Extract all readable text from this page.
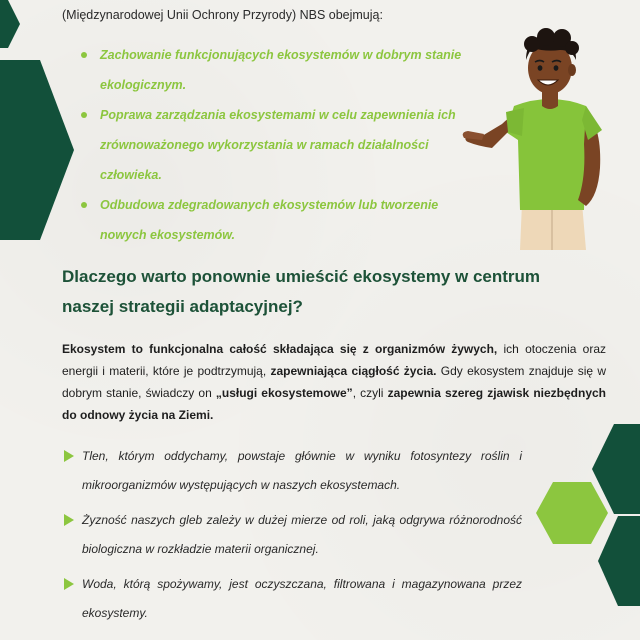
(Międzynarodowej Unii Ochrony Przyrody) NBS obejmują:
Zachowanie funkcjonujących ekosystemów w dobrym stanie ekologicznym.
Poprawa zarządzania ekosystemami w celu zapewnienia ich zrównoważonego wykorzystania w ramach działalności człowieka.
Odbudowa zdegradowanych ekosystemów lub tworzenie nowych ekosystemów.
Dlaczego warto ponownie umieścić ekosystemy w centrum naszej strategii adaptacyjnej?

Ekosystem to funkcjonalna całość składająca się z organizmów żywych, ich otoczenia oraz energii i materii, które je podtrzymują, zapewniająca ciągłość życia. Gdy ekosystem znajduje się w dobrym stanie, świadczy on „usługi ekosystemowe”, czyli zapewnia szereg zjawisk niezbędnych do odnowy życia na Ziemi.

Tlen, którym oddychamy, powstaje głównie w wyniku fotosyntezy roślin i mikroorganizmów występujących w naszych ekosystemach.
Żyzność naszych gleb zależy w dużej mierze od roli, jaką odgrywa różnorodność biologiczna w rozkładzie materii organicznej.
Woda, którą spożywamy, jest oczyszczana, filtrowana i magazynowana przez ekosystemy.
